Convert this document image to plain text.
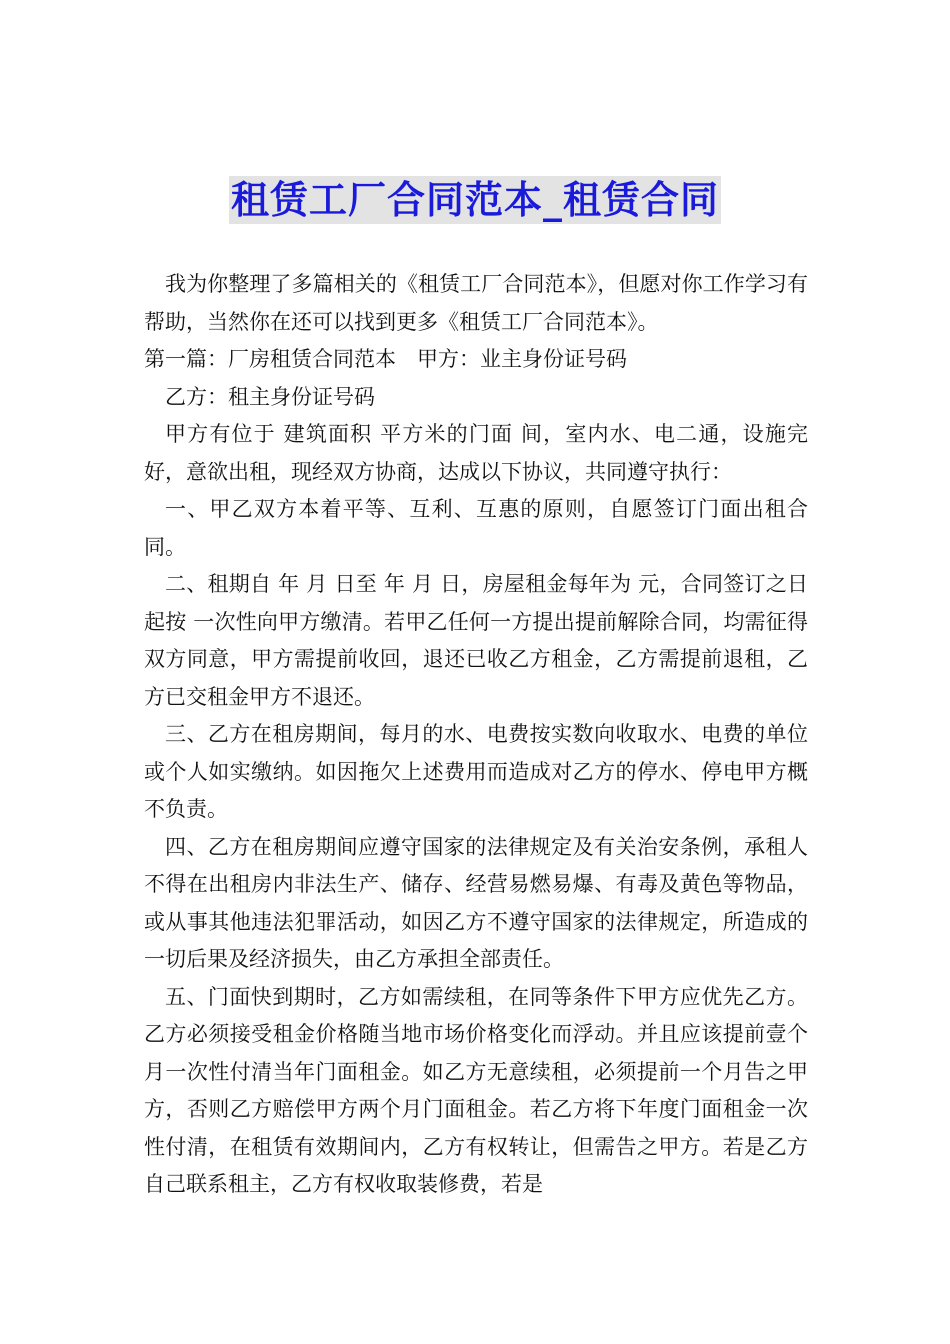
租赁工厂合同范本_租赁合同

我为你整理了多篇相关的《租赁工厂合同范本》，但愿对你工作学习有帮助，当然你在还可以找到更多《租赁工厂合同范本》。

第一篇：厂房租赁合同范本　甲方：业主身份证号码

乙方：租主身份证号码

甲方有位于 建筑面积 平方米的门面 间，室内水、电二通，设施完好，意欲出租，现经双方协商，达成以下协议，共同遵守执行：

一、甲乙双方本着平等、互利、互惠的原则，自愿签订门面出租合同。

二、租期自 年 月 日至 年 月 日，房屋租金每年为 元，合同签订之日起按 一次性向甲方缴清。若甲乙任何一方提出提前解除合同，均需征得双方同意，甲方需提前收回，退还已收乙方租金，乙方需提前退租，乙方已交租金甲方不退还。

三、乙方在租房期间，每月的水、电费按实数向收取水、电费的单位或个人如实缴纳。如因拖欠上述费用而造成对乙方的停水、停电甲方概不负责。

四、乙方在租房期间应遵守国家的法律规定及有关治安条例，承租人不得在出租房内非法生产、储存、经营易燃易爆、有毒及黄色等物品，或从事其他违法犯罪活动，如因乙方不遵守国家的法律规定，所造成的一切后果及经济损失，由乙方承担全部责任。

五、门面快到期时，乙方如需续租，在同等条件下甲方应优先乙方。乙方必须接受租金价格随当地市场价格变化而浮动。并且应该提前壹个月一次性付清当年门面租金。如乙方无意续租，必须提前一个月告之甲方，否则乙方赔偿甲方两个月门面租金。若乙方将下年度门面租金一次性付清，在租赁有效期间内，乙方有权转让，但需告之甲方。若是乙方自己联系租主，乙方有权收取装修费，若是
